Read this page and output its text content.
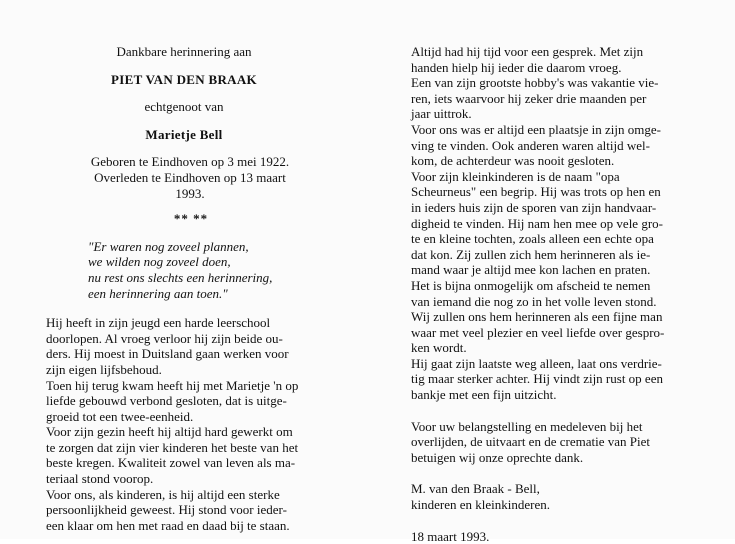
Dankbare herinnering aan
PIET VAN DEN BRAAK
echtgenoot van
Marietje Bell
Geboren te Eindhoven op 3 mei 1922.
Overleden te Eindhoven op 13 maart 1993.
** **
"Er waren nog zoveel plannen,
we wilden nog zoveel doen,
nu rest ons slechts een herinnering,
een herinnering aan toen."
Hij heeft in zijn jeugd een harde leerschool
doorlopen. Al vroeg verloor hij zijn beide ou-
ders. Hij moest in Duitsland gaan werken voor
zijn eigen lijfsbehoud.
Toen hij terug kwam heeft hij met Marietje 'n op
liefde gebouwd verbond gesloten, dat is uitge-
groeid tot een twee-eenheid.
Voor zijn gezin heeft hij altijd hard gewerkt om
te zorgen dat zijn vier kinderen het beste van het
beste kregen. Kwaliteit zowel van leven als ma-
teriaal stond voorop.
Voor ons, als kinderen, is hij altijd een sterke
persoonlijkheid geweest. Hij stond voor ieder-
een klaar om hen met raad en daad bij te staan.
Altijd had hij tijd voor een gesprek. Met zijn
handen hielp hij ieder die daarom vroeg.
Een van zijn grootste hobby's was vakantie vie-
ren, iets waarvoor hij zeker drie maanden per
jaar uittrok.
Voor ons was er altijd een plaatsje in zijn omge-
ving te vinden. Ook anderen waren altijd wel-
kom, de achterdeur was nooit gesloten.
Voor zijn kleinkinderen is de naam "opa
Scheurneus" een begrip. Hij was trots op hen en
in ieders huis zijn de sporen van zijn handvaar-
digheid te vinden. Hij nam hen mee op vele gro-
te en kleine tochten, zoals alleen een echte opa
dat kon. Zij zullen zich hem herinneren als ie-
mand waar je altijd mee kon lachen en praten.
Het is bijna onmogelijk om afscheid te nemen
van iemand die nog zo in het volle leven stond.
Wij zullen ons hem herinneren als een fijne man
waar met veel plezier en veel liefde over gespro-
ken wordt.
Hij gaat zijn laatste weg alleen, laat ons verdrie-
tig maar sterker achter. Hij vindt zijn rust op een
bankje met een fijn uitzicht.
Voor uw belangstelling en medeleven bij het
overlijden, de uitvaart en de crematie van Piet
betuigen wij onze oprechte dank.
M. van den Braak - Bell,
kinderen en kleinkinderen.
18 maart 1993.
